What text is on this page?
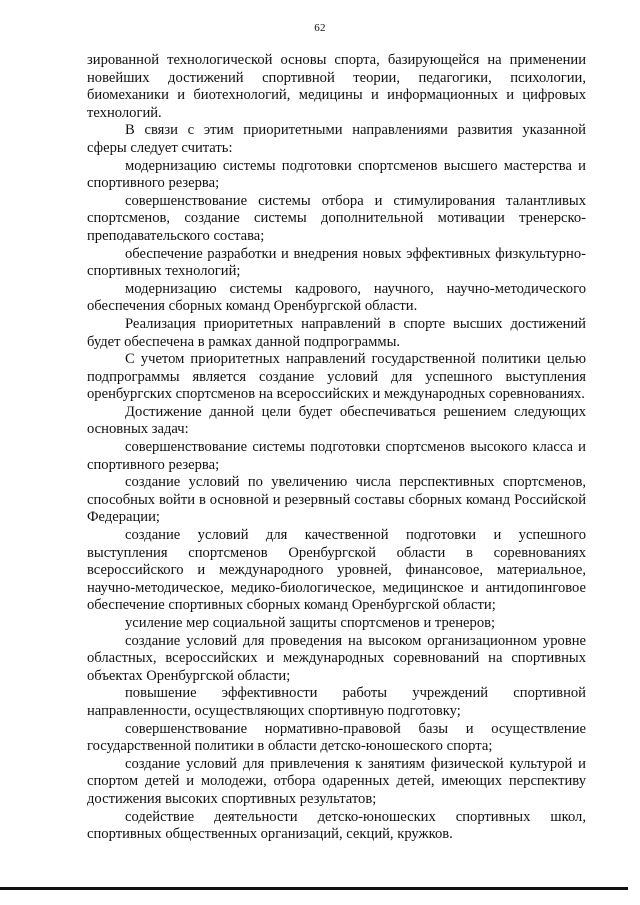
62

зированной технологической основы спорта, базирующейся на применении новейших достижений спортивной теории, педагогики, психологии, биомеханики и биотехнологий, медицины и информационных и цифровых технологий.

В связи с этим приоритетными направлениями развития указанной сферы следует считать:

модернизацию системы подготовки спортсменов высшего мастерства и спортивного резерва;

совершенствование системы отбора и стимулирования талантливых спортсменов, создание системы дополнительной мотивации тренерско-преподавательского состава;

обеспечение разработки и внедрения новых эффективных физкультурно-спортивных технологий;

модернизацию системы кадрового, научного, научно-методического обеспечения сборных команд Оренбургской области.

Реализация приоритетных направлений в спорте высших достижений будет обеспечена в рамках данной подпрограммы.

С учетом приоритетных направлений государственной политики целью подпрограммы является создание условий для успешного выступления оренбургских спортсменов на всероссийских и международных соревнованиях.

Достижение данной цели будет обеспечиваться решением следующих основных задач:

совершенствование системы подготовки спортсменов высокого класса и спортивного резерва;

создание условий по увеличению числа перспективных спортсменов, способных войти в основной и резервный составы сборных команд Российской Федерации;

создание условий для качественной подготовки и успешного выступления спортсменов Оренбургской области в соревнованиях всероссийского и международного уровней, финансовое, материальное, научно-методическое, медико-биологическое, медицинское и антидопинговое обеспечение спортивных сборных команд Оренбургской области;

усиление мер социальной защиты спортсменов и тренеров;

создание условий для проведения на высоком организационном уровне областных, всероссийских и международных соревнований на спортивных объектах Оренбургской области;

повышение эффективности работы учреждений спортивной направленности, осуществляющих спортивную подготовку;

совершенствование нормативно-правовой базы и осуществление государственной политики в области детско-юношеского спорта;

создание условий для привлечения к занятиям физической культурой и спортом детей и молодежи, отбора одаренных детей, имеющих перспективу достижения высоких спортивных результатов;

содействие деятельности детско-юношеских спортивных школ, спортивных общественных организаций, секций, кружков.
